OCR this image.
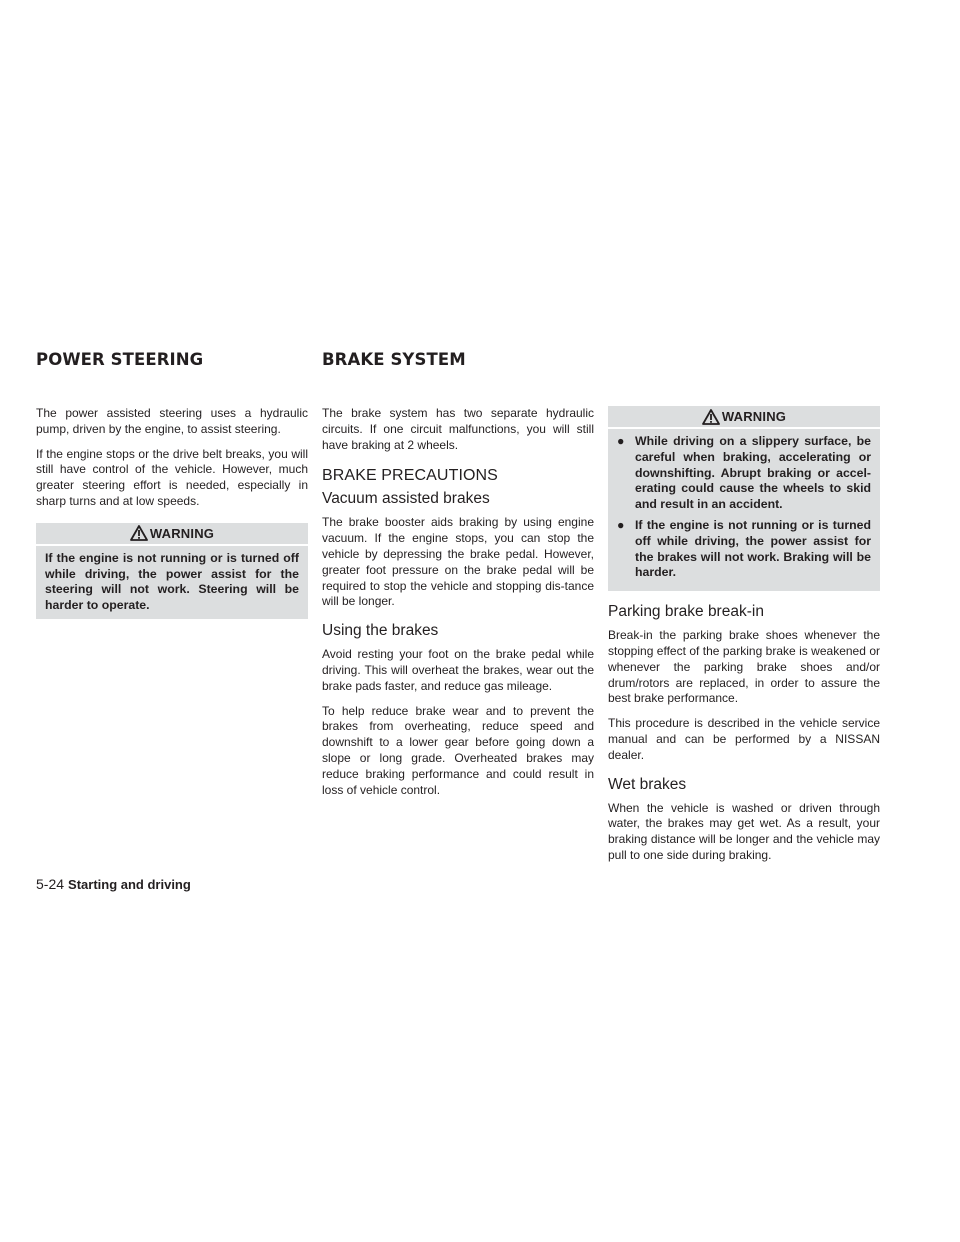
POWER STEERING	BRAKE SYSTEM

The power assisted steering uses a hydraulic pump, driven by the engine, to assist steering.

If the engine stops or the drive belt breaks, you will still have control of the vehicle. However, much greater steering effort is needed, especially in sharp turns and at low speeds.

WARNING
If the engine is not running or is turned off while driving, the power assist for the steering will not work. Steering will be harder to operate.

The brake system has two separate hydraulic circuits. If one circuit malfunctions, you will still have braking at 2 wheels.

BRAKE PRECAUTIONS
Vacuum assisted brakes

The brake booster aids braking by using engine vacuum. If the engine stops, you can stop the vehicle by depressing the brake pedal. However, greater foot pressure on the brake pedal will be required to stop the vehicle and stopping dis-tance will be longer.

Using the brakes

Avoid resting your foot on the brake pedal while driving. This will overheat the brakes, wear out the brake pads faster, and reduce gas mileage.

To help reduce brake wear and to prevent the brakes from overheating, reduce speed and downshift to a lower gear before going down a slope or long grade. Overheated brakes may reduce braking performance and could result in loss of vehicle control.

WARNING
● While driving on a slippery surface, be careful when braking, accelerating or downshifting. Abrupt braking or accel-erating could cause the wheels to skid and result in an accident.
● If the engine is not running or is turned off while driving, the power assist for the brakes will not work. Braking will be harder.
Parking brake break-in

Break-in the parking brake shoes whenever the stopping effect of the parking brake is weakened or whenever the parking brake shoes and/or drum/rotors are replaced, in order to assure the best brake performance.

This procedure is described in the vehicle service manual and can be performed by a NISSAN dealer.

Wet brakes

When the vehicle is washed or driven through water, the brakes may get wet. As a result, your braking distance will be longer and the vehicle may pull to one side during braking.

5-24 Starting and driving
